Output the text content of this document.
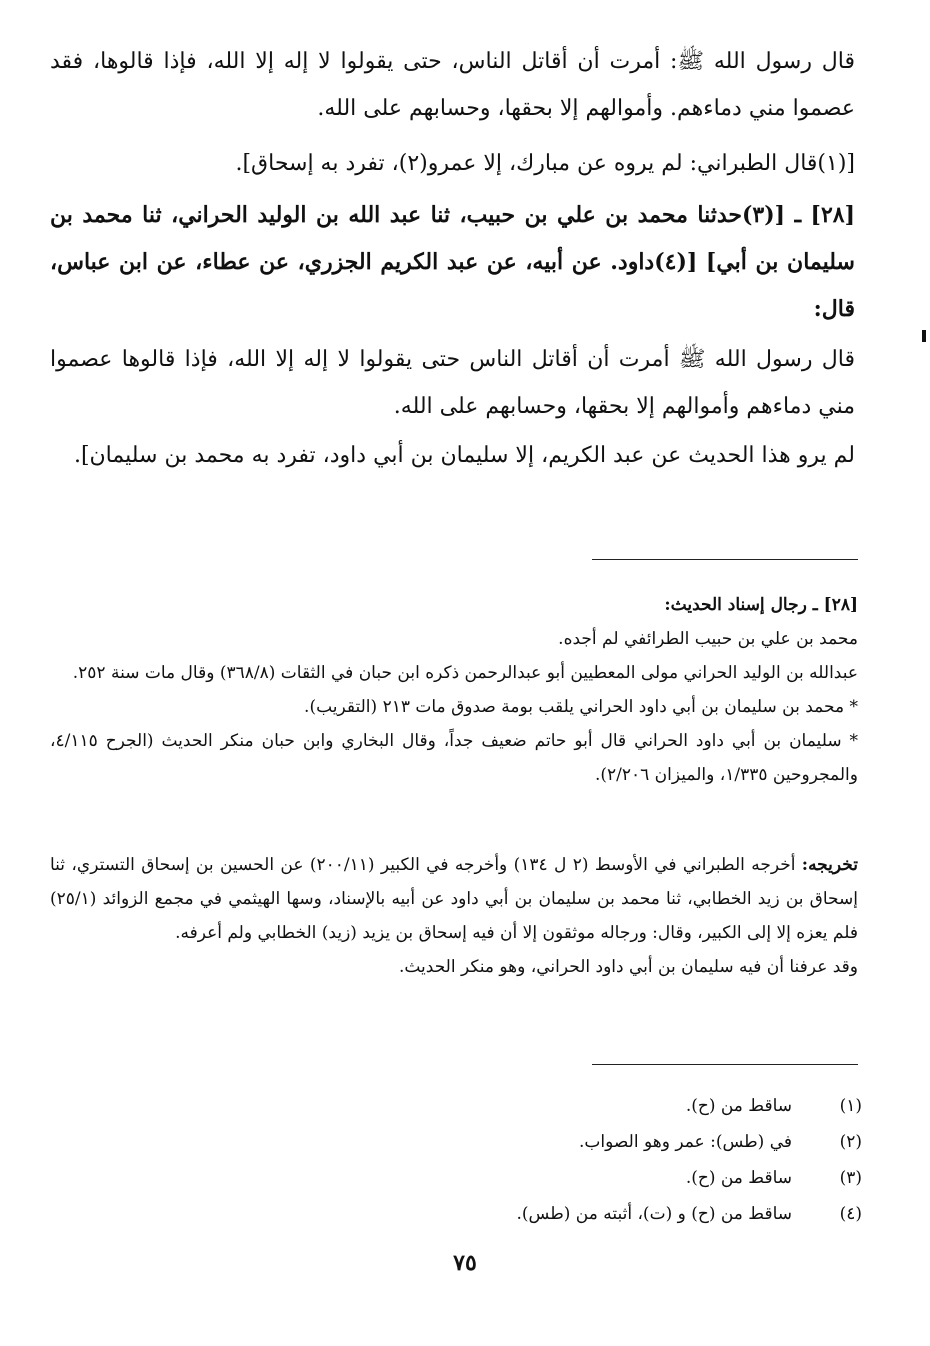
قال رسول الله ﷺ: أمرت أن أقاتل الناس، حتى يقولوا لا إله إلا الله، فإذا قالوها، فقد عصموا مني دماءهم. وأموالهم إلا بحقها، وحسابهم على الله.
[(١)قال الطبراني: لم يروه عن مبارك، إلا عمرو(٢)، تفرد به إسحاق].
[٢٨] ـ [(٣)حدثنا محمد بن علي بن حبيب، ثنا عبد الله بن الوليد الحراني، ثنا محمد بن سليمان بن أبي] [(٤)داود. عن أبيه، عن عبد الكريم الجزري، عن عطاء، عن ابن عباس، قال:
قال رسول الله ﷺ أمرت أن أقاتل الناس حتى يقولوا لا إله إلا الله، فإذا قالوها عصموا مني دماءهم وأموالهم إلا بحقها، وحسابهم على الله.
لم يرو هذا الحديث عن عبد الكريم، إلا سليمان بن أبي داود، تفرد به محمد بن سليمان].

[٢٨] ـ رجال إسناد الحديث:

محمد بن علي بن حبيب الطرائفي لم أجده.

عبدالله بن الوليد الحراني مولى المعطيين أبو عبدالرحمن ذكره ابن حبان في الثقات (٣٦٨/٨) وقال مات سنة ٢٥٢.

* محمد بن سليمان بن أبي داود الحراني يلقب بومة صدوق مات ٢١٣ (التقريب).

* سليمان بن أبي داود الحراني قال أبو حاتم ضعيف جداً، وقال البخاري وابن حبان منكر الحديث (الجرح ٤/١١٥، والمجروحين ١/٣٣٥، والميزان ٢/٢٠٦).

تخريجه: أخرجه الطبراني في الأوسط (٢ ل ١٣٤) وأخرجه في الكبير (٢٠٠/١١) عن الحسين بن إسحاق التستري، ثنا إسحاق بن زيد الخطابي، ثنا محمد بن سليمان بن أبي داود عن أبيه بالإسناد، وسها الهيثمي في مجمع الزوائد (٢٥/١) فلم يعزه إلا إلى الكبير، وقال: ورجاله موثقون إلا أن فيه إسحاق بن يزيد (زيد) الخطابي ولم أعرفه.

وقد عرفنا أن فيه سليمان بن أبي داود الحراني، وهو منكر الحديث.

(١)
ساقط من (ح).
(٢)
في (طس): عمر وهو الصواب.
(٣)
ساقط من (ح).
(٤)
ساقط من (ح) و (ت)، أثبته من (طس).
٧٥
